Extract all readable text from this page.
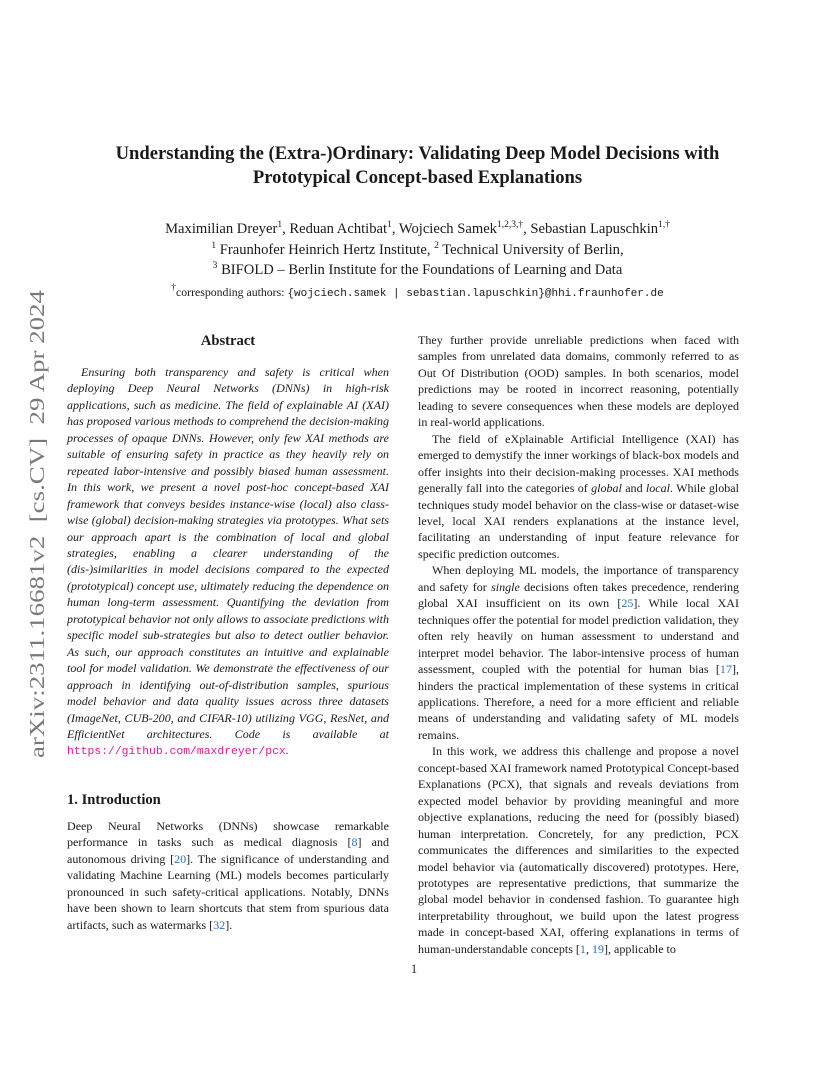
arXiv:2311.16681v2  [cs.CV]  29 Apr 2024
Understanding the (Extra-)Ordinary: Validating Deep Model Decisions with
Prototypical Concept-based Explanations
Maximilian Dreyer$^1$, Reduan Achtibat$^1$, Wojciech Samek$^{1,2,3,\dagger}$, Sebastian Lapuschkin$^{1,\dagger}$
$^1$ Fraunhofer Heinrich Hertz Institute, $^2$ Technical University of Berlin,
$^3$ BIFOLD – Berlin Institute for the Foundations of Learning and Data
†corresponding authors: {wojciech.samek | sebastian.lapuschkin}@hhi.fraunhofer.de
Abstract

Ensuring both transparency and safety is critical when deploying Deep Neural Networks (DNNs) in high-risk applications, such as medicine. The field of explainable AI (XAI) has proposed various methods to comprehend the decision-making processes of opaque DNNs. However, only few XAI methods are suitable of ensuring safety in practice as they heavily rely on repeated labor-intensive and possibly biased human assessment. In this work, we present a novel post-hoc concept-based XAI framework that conveys besides instance-wise (local) also class-wise (global) decision-making strategies via prototypes. What sets our approach apart is the combination of local and global strategies, enabling a clearer understanding of the (dis-)similarities in model decisions compared to the expected (prototypical) concept use, ultimately reducing the dependence on human long-term assessment. Quantifying the deviation from prototypical behavior not only allows to associate predictions with specific model sub-strategies but also to detect outlier behavior. As such, our approach constitutes an intuitive and explainable tool for model validation. We demonstrate the effectiveness of our approach in identifying out-of-distribution samples, spurious model behavior and data quality issues across three datasets (ImageNet, CUB-200, and CIFAR-10) utilizing VGG, ResNet, and EfficientNet architectures. Code is available at https://github.com/maxdreyer/pcx.

1. Introduction

Deep Neural Networks (DNNs) showcase remarkable performance in tasks such as medical diagnosis [8] and autonomous driving [20]. The significance of understanding and validating Machine Learning (ML) models becomes particularly pronounced in such safety-critical applications. Notably, DNNs have been shown to learn shortcuts that stem from spurious data artifacts, such as watermarks [32].

They further provide unreliable predictions when faced with samples from unrelated data domains, commonly referred to as Out Of Distribution (OOD) samples. In both scenarios, model predictions may be rooted in incorrect reasoning, potentially leading to severe consequences when these models are deployed in real-world applications.

The field of eXplainable Artificial Intelligence (XAI) has emerged to demystify the inner workings of black-box models and offer insights into their decision-making processes. XAI methods generally fall into the categories of global and local. While global techniques study model behavior on the class-wise or dataset-wise level, local XAI renders explanations at the instance level, facilitating an understanding of input feature relevance for specific prediction outcomes.

When deploying ML models, the importance of transparency and safety for single decisions often takes precedence, rendering global XAI insufficient on its own [25]. While local XAI techniques offer the potential for model prediction validation, they often rely heavily on human assessment to understand and interpret model behavior. The labor-intensive process of human assessment, coupled with the potential for human bias [17], hinders the practical implementation of these systems in critical applications. Therefore, a need for a more efficient and reliable means of understanding and validating safety of ML models remains.

In this work, we address this challenge and propose a novel concept-based XAI framework named Prototypical Concept-based Explanations (PCX), that signals and reveals deviations from expected model behavior by providing meaningful and more objective explanations, reducing the need for (possibly biased) human interpretation. Concretely, for any prediction, PCX communicates the differences and similarities to the expected model behavior via (automatically discovered) prototypes. Here, prototypes are representative predictions, that summarize the global model behavior in condensed fashion. To guarantee high interpretability throughout, we build upon the latest progress made in concept-based XAI, offering explanations in terms of human-understandable concepts [1, 19], applicable to

1
